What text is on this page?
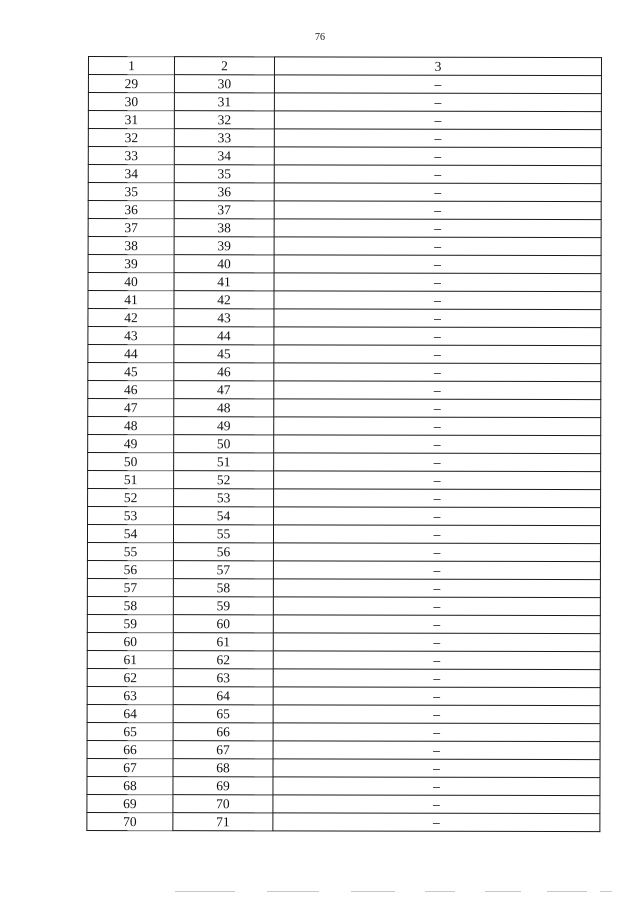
76
1	2	3
29	30	–
30	31	–
31	32	–
32	33	–
33	34	–
34	35	–
35	36	–
36	37	–
37	38	–
38	39	–
39	40	–
40	41	–
41	42	–
42	43	–
43	44	–
44	45	–
45	46	–
46	47	–
47	48	–
48	49	–
49	50	–
50	51	–
51	52	–
52	53	–
53	54	–
54	55	–
55	56	–
56	57	–
57	58	–
58	59	–
59	60	–
60	61	–
61	62	–
62	63	–
63	64	–
64	65	–
65	66	–
66	67	–
67	68	–
68	69	–
69	70	–
70	71	–
